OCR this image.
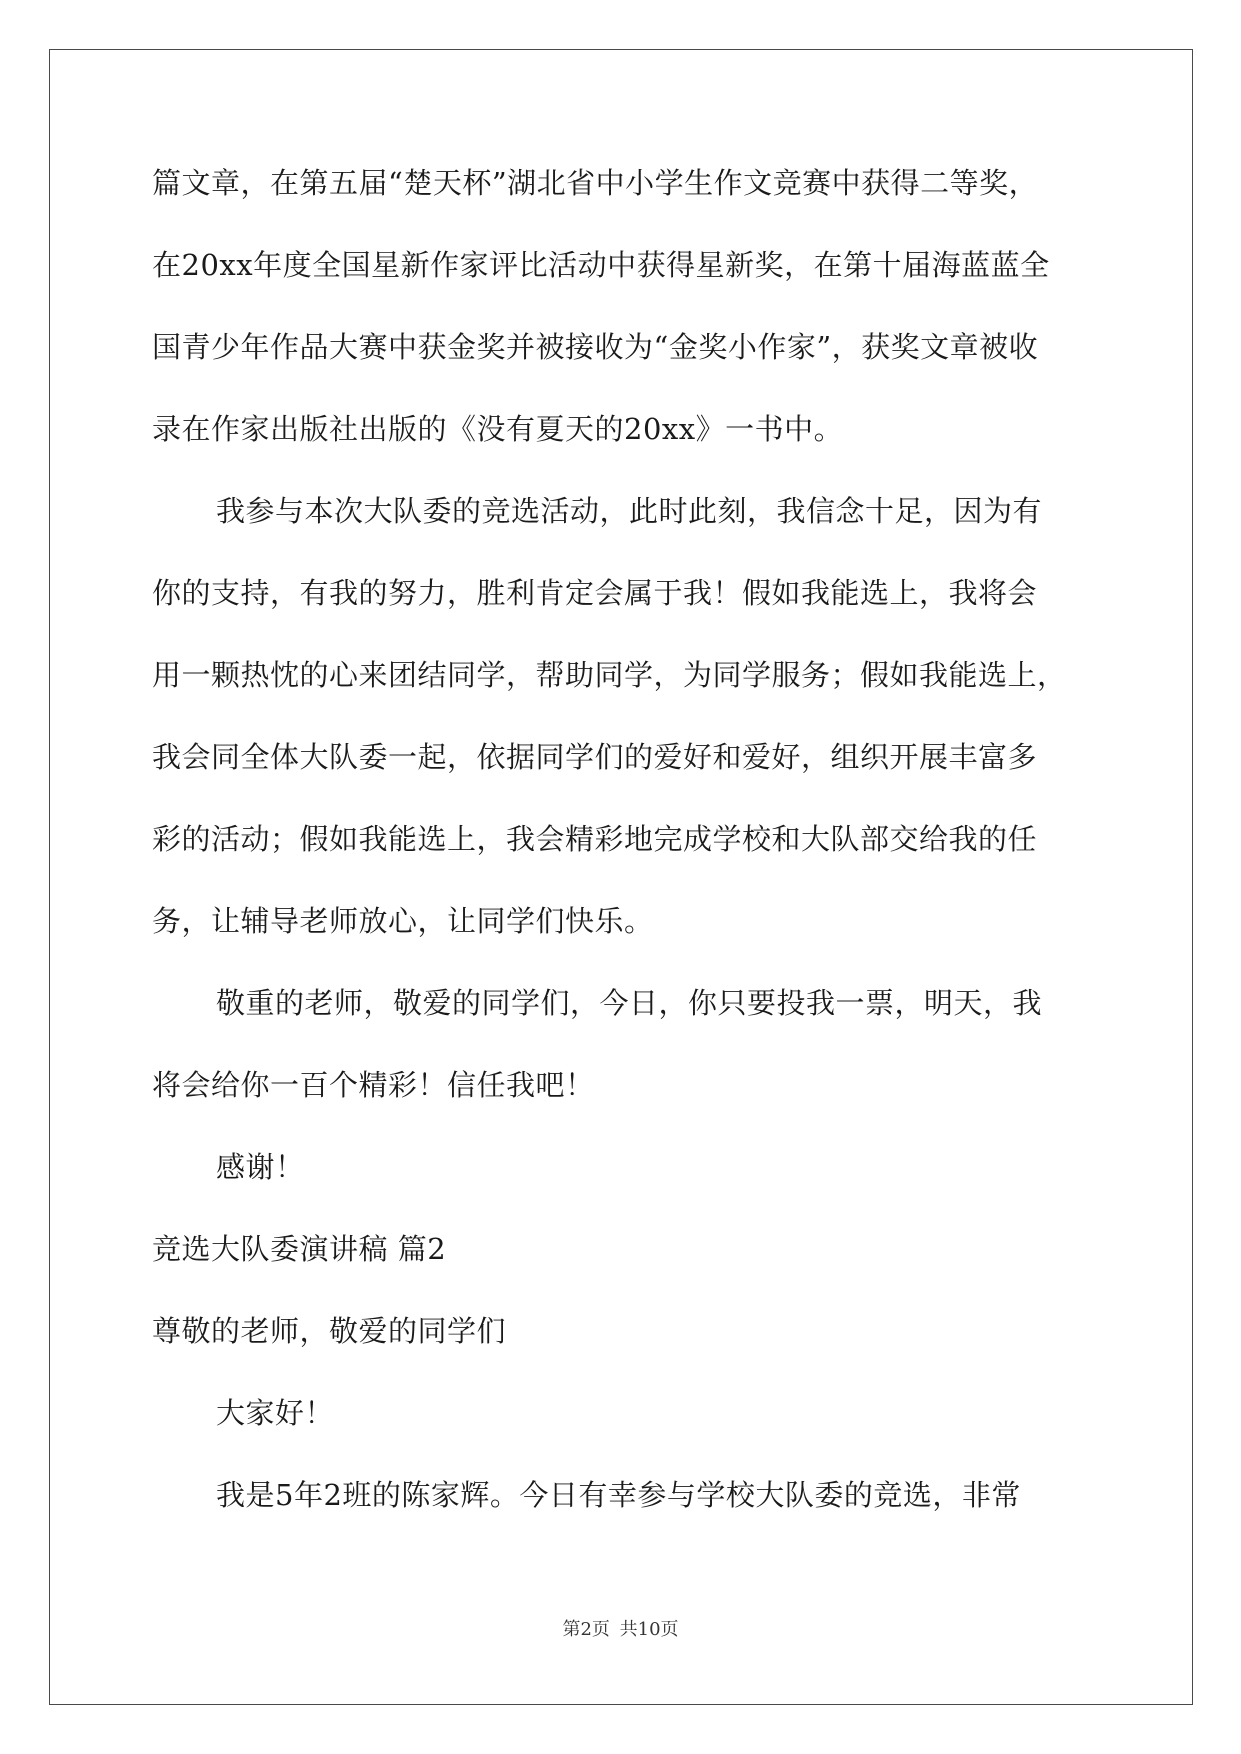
篇文章，在第五届“楚天杯”湖北省中小学生作文竞赛中获得二等奖，

在20xx年度全国星新作家评比活动中获得星新奖，在第十届海蓝蓝全

国青少年作品大赛中获金奖并被接收为“金奖小作家”，获奖文章被收

录在作家出版社出版的《没有夏天的20xx》一书中。

我参与本次大队委的竞选活动，此时此刻，我信念十足，因为有

你的支持，有我的努力，胜利肯定会属于我！假如我能选上，我将会

用一颗热忱的心来团结同学，帮助同学，为同学服务；假如我能选上，

我会同全体大队委一起，依据同学们的爱好和爱好，组织开展丰富多

彩的活动；假如我能选上，我会精彩地完成学校和大队部交给我的任

务，让辅导老师放心，让同学们快乐。

敬重的老师，敬爱的同学们，今日，你只要投我一票，明天，我

将会给你一百个精彩！信任我吧！

感谢！

竞选大队委演讲稿 篇2

尊敬的老师，敬爱的同学们

大家好！

我是5年2班的陈家辉。今日有幸参与学校大队委的竞选，非常

第2页 共10页
